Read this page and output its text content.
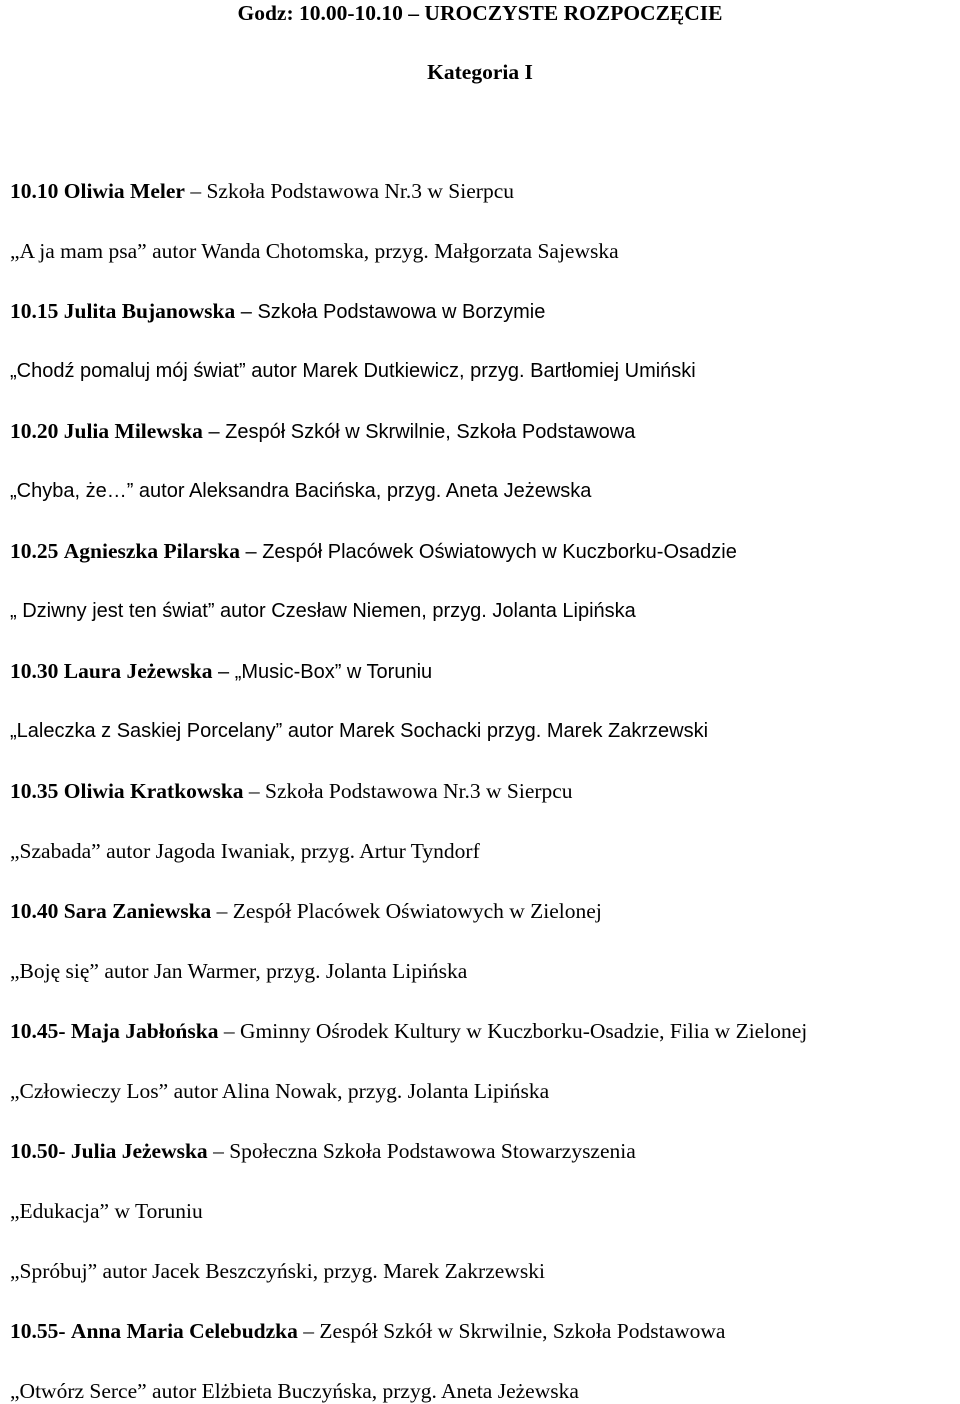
Godz: 10.00-10.10 – UROCZYSTE ROZPOCZĘCIE
Kategoria I
10.10 Oliwia Meler – Szkoła Podstawowa Nr.3 w Sierpcu
„A ja mam psa” autor Wanda Chotomska, przyg. Małgorzata Sajewska
10.15 Julita Bujanowska – Szkoła Podstawowa w Borzymie
„Chodź pomaluj mój świat” autor Marek Dutkiewicz, przyg. Bartłomiej Umiński
10.20 Julia Milewska – Zespół Szkół w Skrwilnie, Szkoła Podstawowa
„Chyba, że…” autor Aleksandra Bacińska, przyg. Aneta Jeżewska
10.25 Agnieszka Pilarska – Zespół Placówek Oświatowych w Kuczborku-Osadzie
„ Dziwny jest ten świat” autor Czesław Niemen, przyg. Jolanta Lipińska
10.30 Laura Jeżewska – „Music-Box” w Toruniu
„Laleczka z Saskiej Porcelany” autor Marek Sochacki przyg. Marek Zakrzewski
10.35 Oliwia Kratkowska – Szkoła Podstawowa Nr.3 w Sierpcu
„Szabada” autor Jagoda Iwaniak, przyg. Artur Tyndorf
10.40 Sara Zaniewska – Zespół Placówek Oświatowych w Zielonej
„Boję się” autor Jan Warmer, przyg. Jolanta Lipińska
10.45- Maja Jabłońska – Gminny Ośrodek Kultury w Kuczborku-Osadzie, Filia w Zielonej
„Człowieczy Los” autor Alina Nowak, przyg. Jolanta Lipińska
10.50- Julia Jeżewska – Społeczna Szkoła Podstawowa Stowarzyszenia
„Edukacja” w Toruniu
„Spróbuj” autor Jacek Beszczyński, przyg. Marek Zakrzewski
10.55- Anna Maria Celebudzka – Zespół Szkół w Skrwilnie, Szkoła Podstawowa
„Otwórz Serce” autor Elżbieta Buczyńska, przyg. Aneta Jeżewska
